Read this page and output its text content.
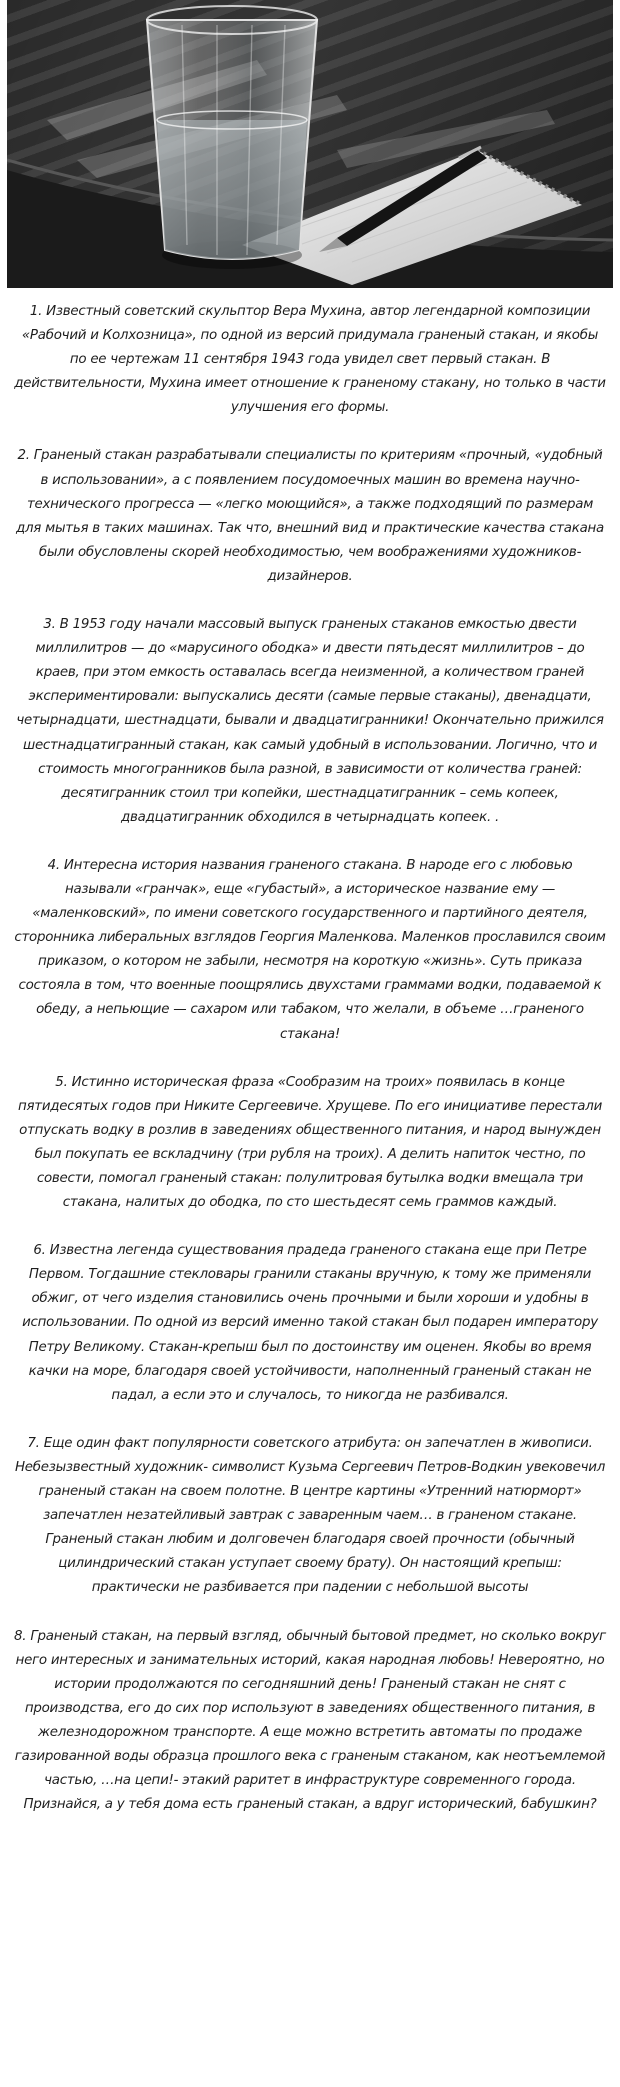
1. Известный советский скульптор Вера Мухина, автор легендарной композиции «Рабочий и Колхозница», по одной из версий придумала граненый стакан, и якобы по ее чертежам 11 сентября 1943 года увидел свет первый стакан. В действительности, Мухина имеет отношение к граненому стакану, но только в части улучшения его формы.

2. Граненый стакан разрабатывали специалисты по критериям «прочный, «удобный в использовании», а с появлением посудомоечных машин во времена научно-технического прогресса — «легко моющийся», а также подходящий по размерам для мытья в таких машинах. Так что, внешний вид и практические качества стакана были обусловлены скорей необходимостью, чем воображениями художников-дизайнеров.

3. В 1953 году начали массовый выпуск граненых стаканов емкостью двести миллилитров — до «марусиного ободка» и двести пятьдесят миллилитров – до краев, при этом емкость оставалась всегда неизменной, а количеством граней экспериментировали: выпускались десяти (самые первые стаканы), двенадцати, четырнадцати, шестнадцати, бывали и двадцатигранники! Окончательно прижился шестнадцатигранный стакан, как самый удобный в использовании. Логично, что и стоимость многогранников была разной, в зависимости от количества граней: десятигранник стоил три копейки, шестнадцатигранник – семь копеек, двадцатигранник обходился в четырнадцать копеек. .

4. Интересна история названия граненого стакана. В народе его с любовью называли «гранчак», еще «губастый», а историческое название ему — «маленковский», по имени советского государственного и партийного деятеля, сторонника либеральных взглядов Георгия Маленкова. Маленков прославился своим приказом, о котором не забыли, несмотря на короткую «жизнь». Суть приказа состояла в том, что военные поощрялись двухстами граммами водки, подаваемой к обеду, а непьющие — сахаром или табаком, что желали, в объеме …граненого стакана!

5. Истинно историческая фраза «Сообразим на троих» появилась в конце пятидесятых годов при Никите Сергеевиче. Хрущеве. По его инициативе перестали отпускать водку в розлив в заведениях общественного питания, и народ вынужден был покупать ее вскладчину (три рубля на троих). А делить напиток честно, по совести, помогал граненый стакан: полулитровая бутылка водки вмещала три стакана, налитых до ободка, по сто шестьдесят семь граммов каждый.

6. Известна легенда существования прадеда граненого стакана еще при Петре Первом. Тогдашние стекловары гранили стаканы вручную, к тому же применяли обжиг, от чего изделия становились очень прочными и были хороши и удобны в использовании. По одной из версий именно такой стакан был подарен императору Петру Великому. Стакан-крепыш был по достоинству им оценен. Якобы во время качки на море, благодаря своей устойчивости, наполненный граненый стакан не падал, а если это и случалось, то никогда не разбивался.

7. Еще один факт популярности советского атрибута: он запечатлен в живописи. Небезызвестный художник- символист Кузьма Сергеевич Петров-Водкин увековечил граненый стакан на своем полотне. В центре картины «Утренний натюрморт» запечатлен незатейливый завтрак с заваренным чаем… в граненом стакане. Граненый стакан любим и долговечен благодаря своей прочности (обычный цилиндрический стакан уступает своему брату). Он настоящий крепыш: практически не разбивается при падении с небольшой высоты

8. Граненый стакан, на первый взгляд, обычный бытовой предмет, но сколько вокруг него интересных и занимательных историй, какая народная любовь! Невероятно, но истории продолжаются по сегодняшний день! Граненый стакан не снят с производства, его до сих пор используют в заведениях общественного питания, в железнодорожном транспорте. А еще можно встретить автоматы по продаже газированной воды образца прошлого века с граненым стаканом, как неотъемлемой частью, …на цепи!- этакий раритет в инфраструктуре современного города. Признайся, а у тебя дома есть граненый стакан, а вдруг исторический, бабушкин?
